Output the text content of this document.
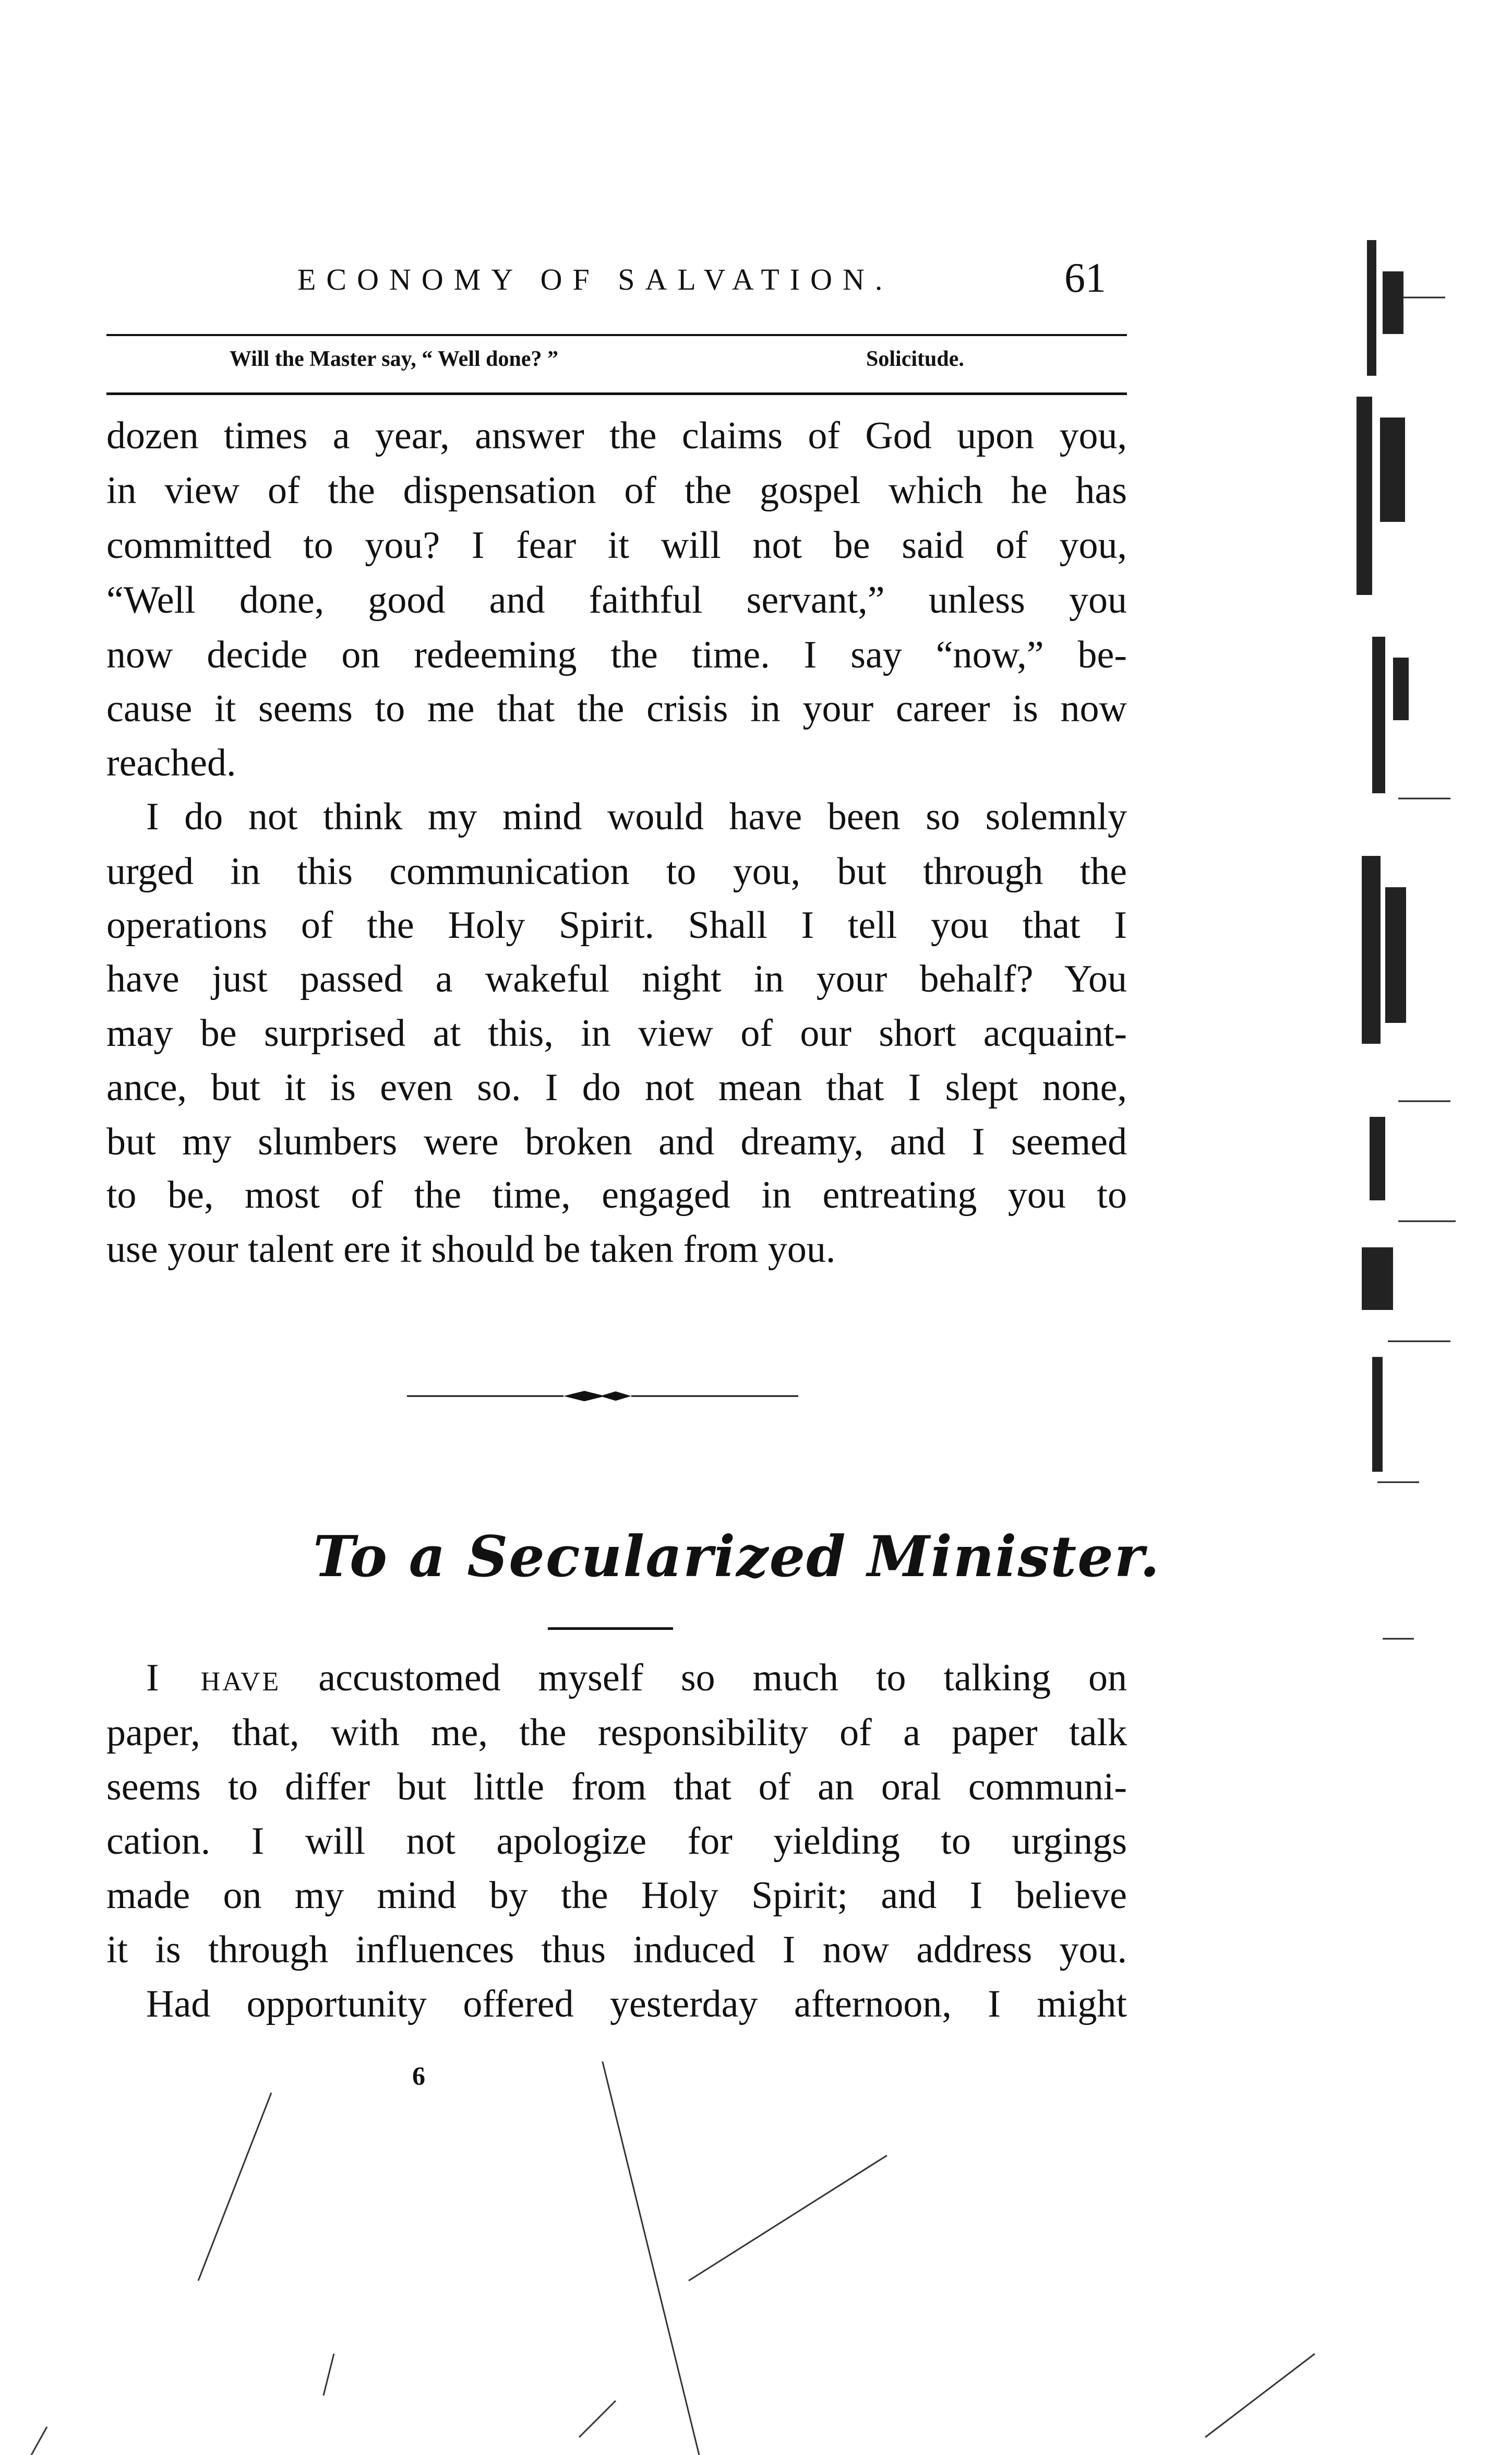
ECONOMY OF SALVATION.	61
Will the Master say, “ Well done? ”	Solicitude.
dozen times a year, answer the claims of God upon you,
in view of the dispensation of the gospel which he has
committed to you? I fear it will not be said of you,
“Well done, good and faithful servant,” unless you
now decide on redeeming the time. I say “now,” be-
cause it seems to me that the crisis in your career is now
reached.
I do not think my mind would have been so solemnly
urged in this communication to you, but through the
operations of the Holy Spirit. Shall I tell you that I
have just passed a wakeful night in your behalf? You
may be surprised at this, in view of our short acquaint-
ance, but it is even so. I do not mean that I slept none,
but my slumbers were broken and dreamy, and I seemed
to be, most of the time, engaged in entreating you to
use your talent ere it should be taken from you.
To a Secularized Minister.
I have accustomed myself so much to talking on
paper, that, with me, the responsibility of a paper talk
seems to differ but little from that of an oral communi-
cation. I will not apologize for yielding to urgings
made on my mind by the Holy Spirit; and I believe
it is through influences thus induced I now address you.
Had opportunity offered yesterday afternoon, I might
6
